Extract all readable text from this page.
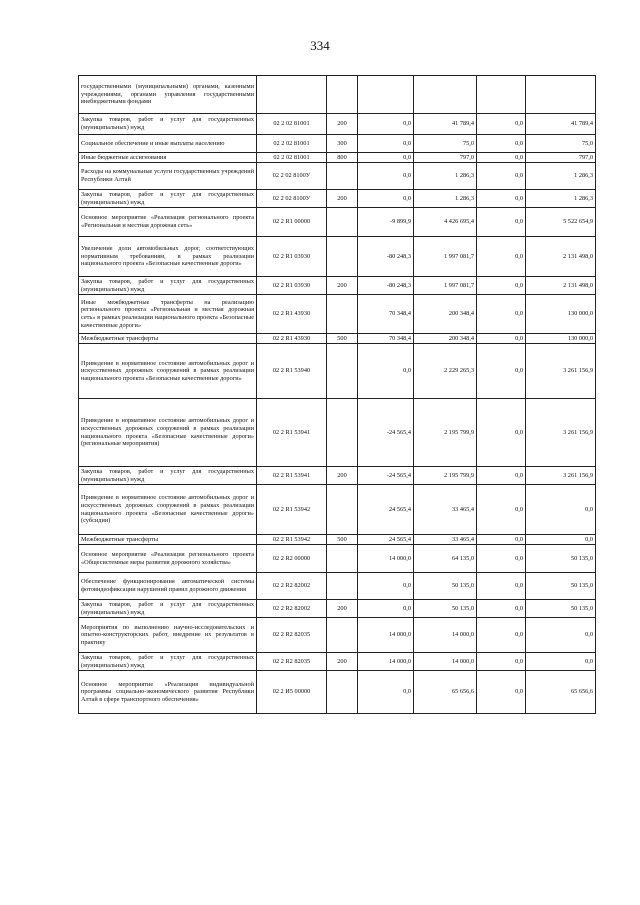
334
государственными (муниципальными) органами, казенными учреждениями, органами управления государственными внебюджетными фондами						
Закупка товаров, работ и услуг для государственных (муниципальных) нужд	02 2 02 81001	200	0,0	41 789,4	0,0	41 789,4
Социальное обеспечение и иные выплаты населению	02 2 02 81001	300	0,0	75,0	0,0	75,0
Иные бюджетные ассигнования	02 2 02 81001	800	0,0	797,0	0,0	797,0
Расходы на коммунальные услуги государственных учреждений Республики Алтай	02 2 02 8100У		0,0	1 286,3	0,0	1 286,3
Закупка товаров, работ и услуг для государственных (муниципальных) нужд	02 2 02 8100У	200	0,0	1 286,3	0,0	1 286,3
Основное мероприятие «Реализация регионального проекта «Региональная и местная дорожная сеть»	02 2 R1 00000		-9 899,9	4 426 695,4	0,0	5 522 654,9
Увеличение доли автомобильных дорог, соответствующих нормативным требованиям, в рамках реализации национального проекта «Безопасные качественные дороги»	02 2 R1 03930		-80 248,3	1 997 081,7	0,0	2 131 498,0
Закупка товаров, работ и услуг для государственных (муниципальных) нужд	02 2 R1 03930	200	-80 248,3	1 997 081,7	0,0	2 131 498,0
Иные межбюджетные трансферты на реализацию регионального проекта «Региональная и местная дорожная сеть» в рамках реализации национального проекта «Безопасные качественные дороги»	02 2 R1 43930		70 348,4	200 348,4	0,0	130 000,0
Межбюджетные трансферты	02 2 R1 43930	500	70 348,4	200 348,4	0,0	130 000,0
Приведение в нормативное состояние автомобильных дорог и искусственных дорожных сооружений в рамках реализации национального проекта «Безопасные качественные дороги»	02 2 R1 53940		0,0	2 229 265,3	0,0	3 261 156,9
Приведение в нормативное состояние автомобильных дорог и искусственных дорожных сооружений в рамках реализации национального проекта «Безопасные качественные дороги» (региональные мероприятия)	02 2 R1 53941		-24 565,4	2 195 799,9	0,0	3 261 156,9
Закупка товаров, работ и услуг для государственных (муниципальных) нужд	02 2 R1 53941	200	-24 565,4	2 195 799,9	0,0	3 261 156,9
Приведение в нормативное состояние автомобильных дорог и искусственных дорожных сооружений в рамках реализации национального проекта «Безопасные качественные дороги» (субсидии)	02 2 R1 53942		24 565,4	33 465,4	0,0	0,0
Межбюджетные трансферты	02 2 R1 53942	500	24 565,4	33 465,4	0,0	0,0
Основное мероприятие «Реализация регионального проекта «Общесистемные меры развития дорожного хозяйства»	02 2 R2 00000		14 000,0	64 135,0	0,0	50 135,0
Обеспечение функционирования автоматической системы фотовидеофиксации нарушений правил дорожного движения	02 2 R2 82002		0,0	50 135,0	0,0	50 135,0
Закупка товаров, работ и услуг для государственных (муниципальных) нужд	02 2 R2 82002	200	0,0	50 135,0	0,0	50 135,0
Мероприятия по выполнению научно-исследовательских и опытно-конструкторских работ, внедрение их результатов в практику	02 2 R2 82035		14 000,0	14 000,0	0,0	0,0
Закупка товаров, работ и услуг для государственных (муниципальных) нужд	02 2 R2 82035	200	14 000,0	14 000,0	0,0	0,0
Основное мероприятие «Реализация индивидуальной программы социально-экономического развития Республики Алтай в сфере транспортного обеспечения»	02 2 И5 00000		0,0	65 656,6	0,0	65 656,6
